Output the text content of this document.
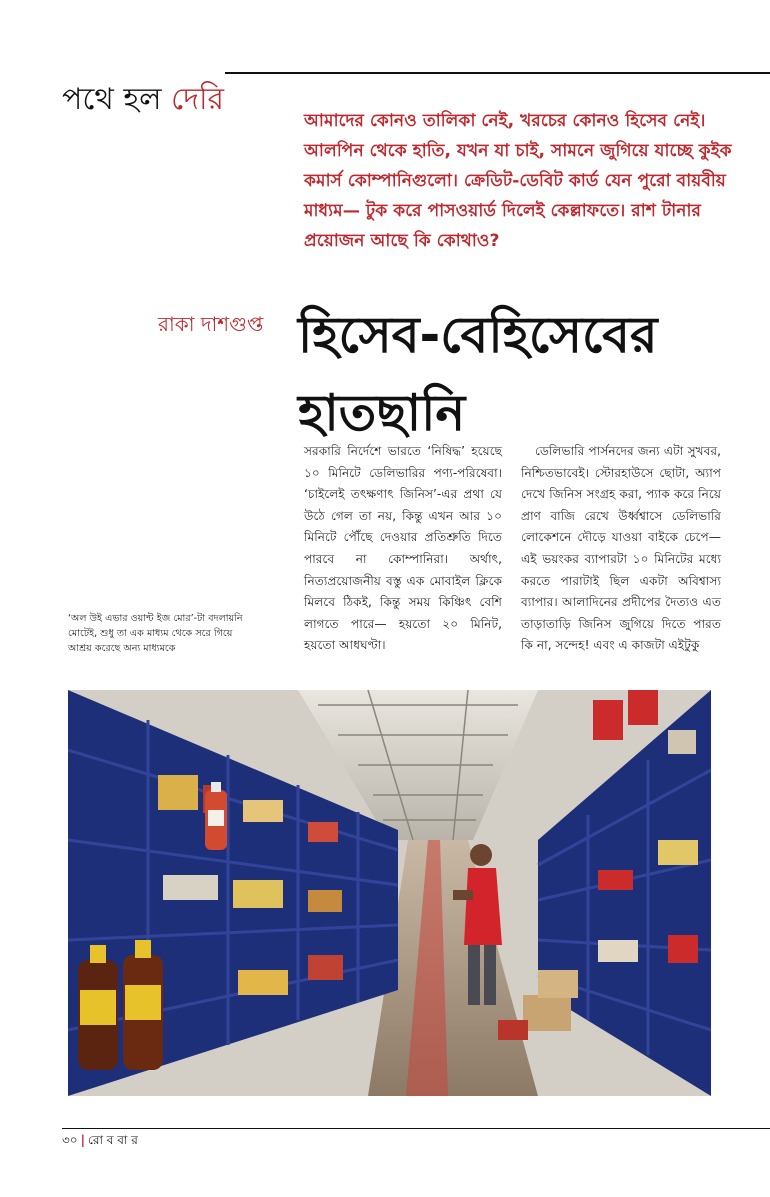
পথে হল দেরি
আমাদের কোনও তালিকা নেই, খরচের কোনও হিসেব নেই। আলপিন থেকে হাতি, যখন যা চাই, সামনে জুগিয়ে যাচ্ছে কুইক কমার্স কোম্পানিগুলো। ক্রেডিট-ডেবিট কার্ড যেন পুরো বায়বীয় মাধ্যম— টুক করে পাসওয়ার্ড দিলেই কেল্লাফতে। রাশ টানার প্রয়োজন আছে কি কোথাও?
রাকা দাশগুপ্ত হিসেব-বেহিসেবের হাতছানি
সরকারি নির্দেশে ভারতে ‘নিষিদ্ধ’ হয়েছে ১০ মিনিটে ডেলিভারির পণ্য-পরিষেবা। ‘চাইলেই তৎক্ষণাৎ জিনিস’-এর প্রথা যে উঠে গেল তা নয়, কিন্তু এখন আর ১০ মিনিটে পৌঁছে দেওয়ার প্রতিশ্রুতি দিতে পারবে না কোম্পানিরা। অর্থাৎ, নিত্যপ্রয়োজনীয় বস্তু এক মোবাইল ক্লিকে মিলবে ঠিকই, কিন্তু সময় কিঞ্চিৎ বেশি লাগতে পারে— হয়তো ২০ মিনিট, হয়তো আধঘণ্টা।
ডেলিভারি পার্সনদের জন্য এটা সুখবর, নিশ্চিতভাবেই। স্টোরহাউসে ছোটা, অ্যাপ দেখে জিনিস সংগ্রহ করা, প্যাক করে নিয়ে প্রাণ বাজি রেখে উর্ধ্বশ্বাসে ডেলিভারি লোকেশনে দৌড়ে যাওয়া বাইকে চেপে— এই ভয়ংকর ব্যাপারটা ১০ মিনিটের মধ্যে করতে পারাটাই ছিল একটা অবিশ্বাস্য ব্যাপার। আলাদিনের প্রদীপের দৈত্যও এত তাড়াতাড়ি জিনিস জুগিয়ে দিতে পারত কি না, সন্দেহ! এবং এ কাজটা এইটুকু
‘অল উই এভার ওয়ান্ট ইজ মোর’-টা বদলায়নি মোটেই, শুধু তা এক মাধ্যম থেকে সরে গিয়ে আশ্রয় করেছে অন্য মাধ্যমকে
৩০ | রো ব বা র
